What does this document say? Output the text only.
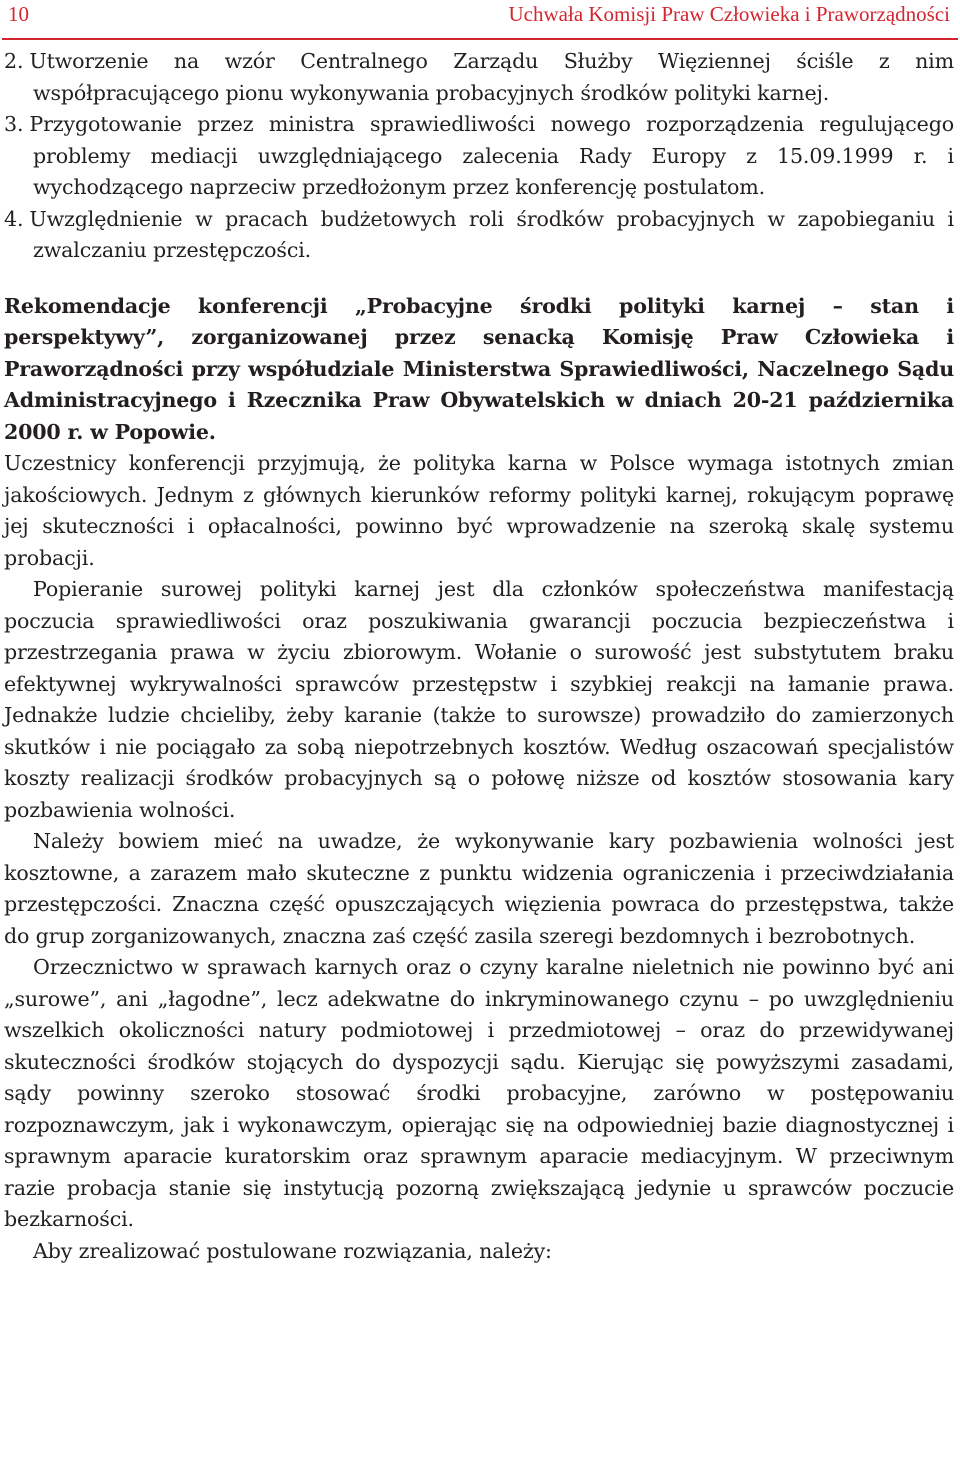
10	Uchwała Komisji Praw Człowieka i Praworządności

2. Utworzenie na wzór Centralnego Zarządu Służby Więziennej ściśle z nim współpracującego pionu wykonywania probacyjnych środków polityki karnej.

3. Przygotowanie przez ministra sprawiedliwości nowego rozporządzenia regulującego problemy mediacji uwzględniającego zalecenia Rady Europy z 15.09.1999 r. i wychodzącego naprzeciw przedłożonym przez konferencję postulatom.

4. Uwzględnienie w pracach budżetowych roli środków probacyjnych w zapobieganiu i zwalczaniu przestępczości.

Rekomendacje konferencji „Probacyjne środki polityki karnej – stan i perspektywy”, zorganizowanej przez senacką Komisję Praw Człowieka i Praworządności przy współudziale Ministerstwa Sprawiedliwości, Naczelnego Sądu Administracyjnego i Rzecznika Praw Obywatelskich w dniach 20-21 października 2000 r. w Popowie.

Uczestnicy konferencji przyjmują, że polityka karna w Polsce wymaga istotnych zmian jakościowych. Jednym z głównych kierunków reformy polityki karnej, rokującym poprawę jej skuteczności i opłacalności, powinno być wprowadzenie na szeroką skalę systemu probacji.

Popieranie surowej polityki karnej jest dla członków społeczeństwa manifestacją poczucia sprawiedliwości oraz poszukiwania gwarancji poczucia bezpieczeństwa i przestrzegania prawa w życiu zbiorowym. Wołanie o surowość jest substytutem braku efektywnej wykrywalności sprawców przestępstw i szybkiej reakcji na łamanie prawa. Jednakże ludzie chcieliby, żeby karanie (także to surowsze) prowadziło do zamierzonych skutków i nie pociągało za sobą niepotrzebnych kosztów. Według oszacowań specjalistów koszty realizacji środków probacyjnych są o połowę niższe od kosztów stosowania kary pozbawienia wolności.

Należy bowiem mieć na uwadze, że wykonywanie kary pozbawienia wolności jest kosztowne, a zarazem mało skuteczne z punktu widzenia ograniczenia i przeciwdziałania przestępczości. Znaczna część opuszczających więzienia powraca do przestępstwa, także do grup zorganizowanych, znaczna zaś część zasila szeregi bezdomnych i bezrobotnych.

Orzecznictwo w sprawach karnych oraz o czyny karalne nieletnich nie powinno być ani „surowe”, ani „łagodne”, lecz adekwatne do inkryminowanego czynu – po uwzględnieniu wszelkich okoliczności natury podmiotowej i przedmiotowej – oraz do przewidywanej skuteczności środków stojących do dyspozycji sądu. Kierując się powyższymi zasadami, sądy powinny szeroko stosować środki probacyjne, zarówno w postępowaniu rozpoznawczym, jak i wykonawczym, opierając się na odpowiedniej bazie diagnostycznej i sprawnym aparacie kuratorskim oraz sprawnym aparacie mediacyjnym. W przeciwnym razie probacja stanie się instytucją pozorną zwiększającą jedynie u sprawców poczucie bezkarności.

Aby zrealizować postulowane rozwiązania, należy:
